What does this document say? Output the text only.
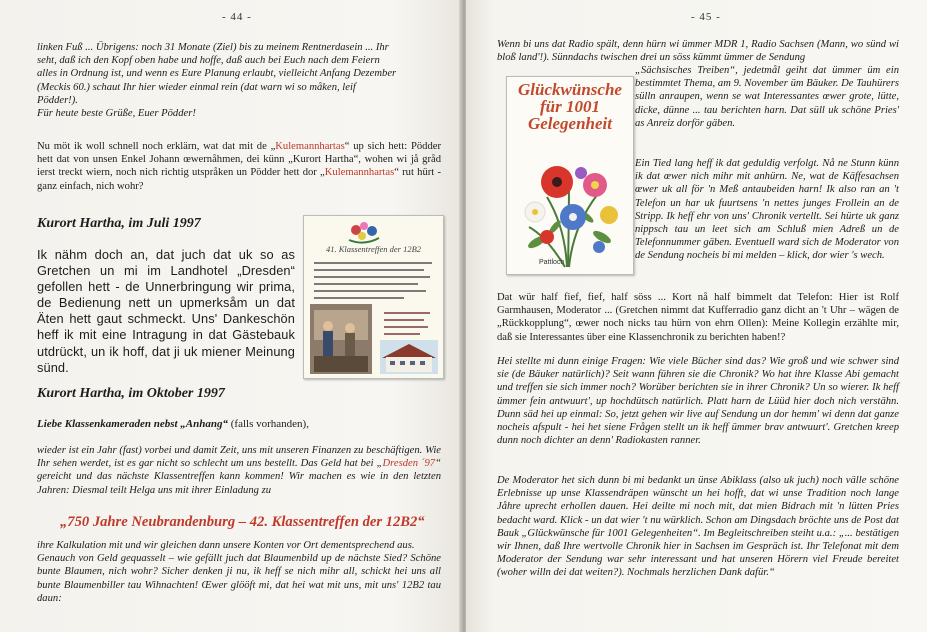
- 44 -
linken Fuß ... Übrigens: noch 31 Monate (Ziel) bis zu meinem Rentnerdasein ... Ihr
seht, daß ich den Kopf oben habe und hoffe, daß auch bei Euch nach dem Feiern
alles in Ordnung ist, und wenn es Eure Planung erlaubt, vielleicht Anfang Dezember
(Meckis 60.) schaut Ihr hier wieder einmal rein (dat warn wi so måken, leif
Pödder!).
Für heute beste Grüße, Euer Pödder!

Nu möt ik woll schnell noch erklärn, wat dat mit de „Kulemannhartas“ up sich hett: Pödder hett dat von unsen Enkel Johann œwernåhmen, dei künn „Kurort Hartha“, wohen wi jå gråd ierst treckt wiern, noch nich richtig utspråken un Pödder hett dor „Kulemannhartas“ rut hürt - ganz einfach, nich wohr?

Kurort Hartha, im Juli 1997

Ik nähm doch an, dat juch dat uk so as Gretchen un mi im Landhotel „Dresden“ gefollen hett - de Unnerbringung wir prima, de Bedienung nett un upmerksåm un dat Äten hett gaut schmeckt. Uns' Dankeschön heff ik mit eine Intragung in dat Gästebauk utdrückt, un ik hoff, dat ji uk miener Meinung sünd.

41. Klassentreffen der 12B2
Kurort Hartha, im Oktober 1997

Liebe Klassenkameraden nebst „Anhang“ (falls vorhanden),

wieder ist ein Jahr (fast) vorbei und damit Zeit, uns mit unseren Finanzen zu beschäftigen. Wie Ihr sehen werdet, ist es gar nicht so schlecht um uns bestellt. Das Geld hat bei „Dresden ´97“ gereicht und das nächste Klassentreffen kann kommen! Wir machen es wie in den letzten Jahren: Diesmal teilt Helga uns mit ihrer Einladung zu

„750 Jahre Neubrandenburg – 42. Klassentreffen der 12B2“

ihre Kalkulation mit und wir gleichen dann unsere Konten vor Ort dementsprechend aus.

Genauch von Geld gequasselt – wie gefällt juch dat Blaumenbild up de nächste Sied? Schöne bunte Blaumen, nich wohr? Sicher denken ji nu, ik heff se nich mihr all, schickt hei uns all bunte Blaumenbiller tau Wihnachten! Œwer glööft mi, dat hei wat mit uns, mit uns' 12B2 tau daun:

- 45 -

Wenn bi uns dat Radio spält, denn hürn wi ümmer MDR 1, Radio Sachsen (Mann, wo sünd wi bloß land'!). Sünndachs twischen drei un söss kümmt ümmer de Sendung

Glückwünsche
für 1001
Gelegenheit
Pattloch

„Sächsisches Treiben“, jedetmål geiht dat ümmer üm ein bestimmtet Thema, am 9. November üm Bäuker. De Tauhürers sülln anraupen, wenn se wat Interessantes œwer grote, lütte, dicke, dünne ... tau berichten harn. Dat süll uk schöne Pries' as Anreiz dorför gäben.

Ein Tied lang heff ik dat geduldig verfolgt. Nå ne Stunn künn ik dat œwer nich mihr mit anhürn. Ne, wat de Käffesachsen œwer uk all för 'n Meß antaubeiden harn! Ik also ran an 't Telefon un har uk fuurtsens 'n nettes junges Frollein an de Stripp. Ik heff ehr von uns' Chronik vertellt. Sei hürte uk ganz nippsch tau un leet sich am Schluß mien Adreß un de Telefonnummer gäben. Eventuell ward sich de Moderator von de Sendung nocheis bi mi melden – klick, dor wier 's wech.

Dat wür half fief, fief, half söss ... Kort nå half bimmelt dat Telefon: Hier ist Rolf Garmhausen, Moderator ... (Gretchen nimmt dat Kufferradio ganz dicht an 't Uhr – wägen de „Rückkopplung“, œwer noch nicks tau hürn von ehrn Ollen): Meine Kollegin erzählte mir, daß sie Interessantes über eine Klassenchronik zu berichten haben!?

Hei stellte mi dunn einige Fragen: Wie viele Bücher sind das? Wie groß und wie schwer sind sie (de Bäuker natürlich)? Seit wann führen sie die Chronik? Wo hat ihre Klasse Abi gemacht und treffen sie sich immer noch? Worüber berichten sie in ihrer Chronik? Un so wierer. Ik heff ümmer fein antwuurt', up hochdütsch natürlich. Platt harn de Lüüd hier doch nich verstähn. Dunn säd hei up einmal: So, jetzt gehen wir live auf Sendung un dor hemm' wi denn dat ganze nocheis afspult - hei het siene Frågen stellt un ik heff ümmer brav antwuurt'. Gretchen kreep dunn noch dichter an denn' Radiokasten ranner.

De Moderator het sich dunn bi mi bedankt un ünse Abiklass (also uk juch) noch välle schöne Erlebnisse up unse Klassendräpen wünscht un hei hofft, dat wi unse Tradition noch lange Jåhre uprecht erhollen dauen. Hei deilte mi noch mit, dat mien Bidrach mit 'n lütten Pries bedacht ward. Klick - un dat wier 't nu würklich. Schon am Dingsdach bröchte uns de Post dat Bauk „Glückwünsche für 1001 Gelegenheiten“. Im Begleitschreiben steiht u.a.: „... bestätigen wir Ihnen, daß Ihre wertvolle Chronik hier in Sachsen im Gespräch ist. Ihr Telefonat mit dem Moderator der Sendung war sehr interessant und hat unseren Hörern viel Freude bereitet (woher willn dei dat weiten?). Nochmals herzlichen Dank dafür.“
